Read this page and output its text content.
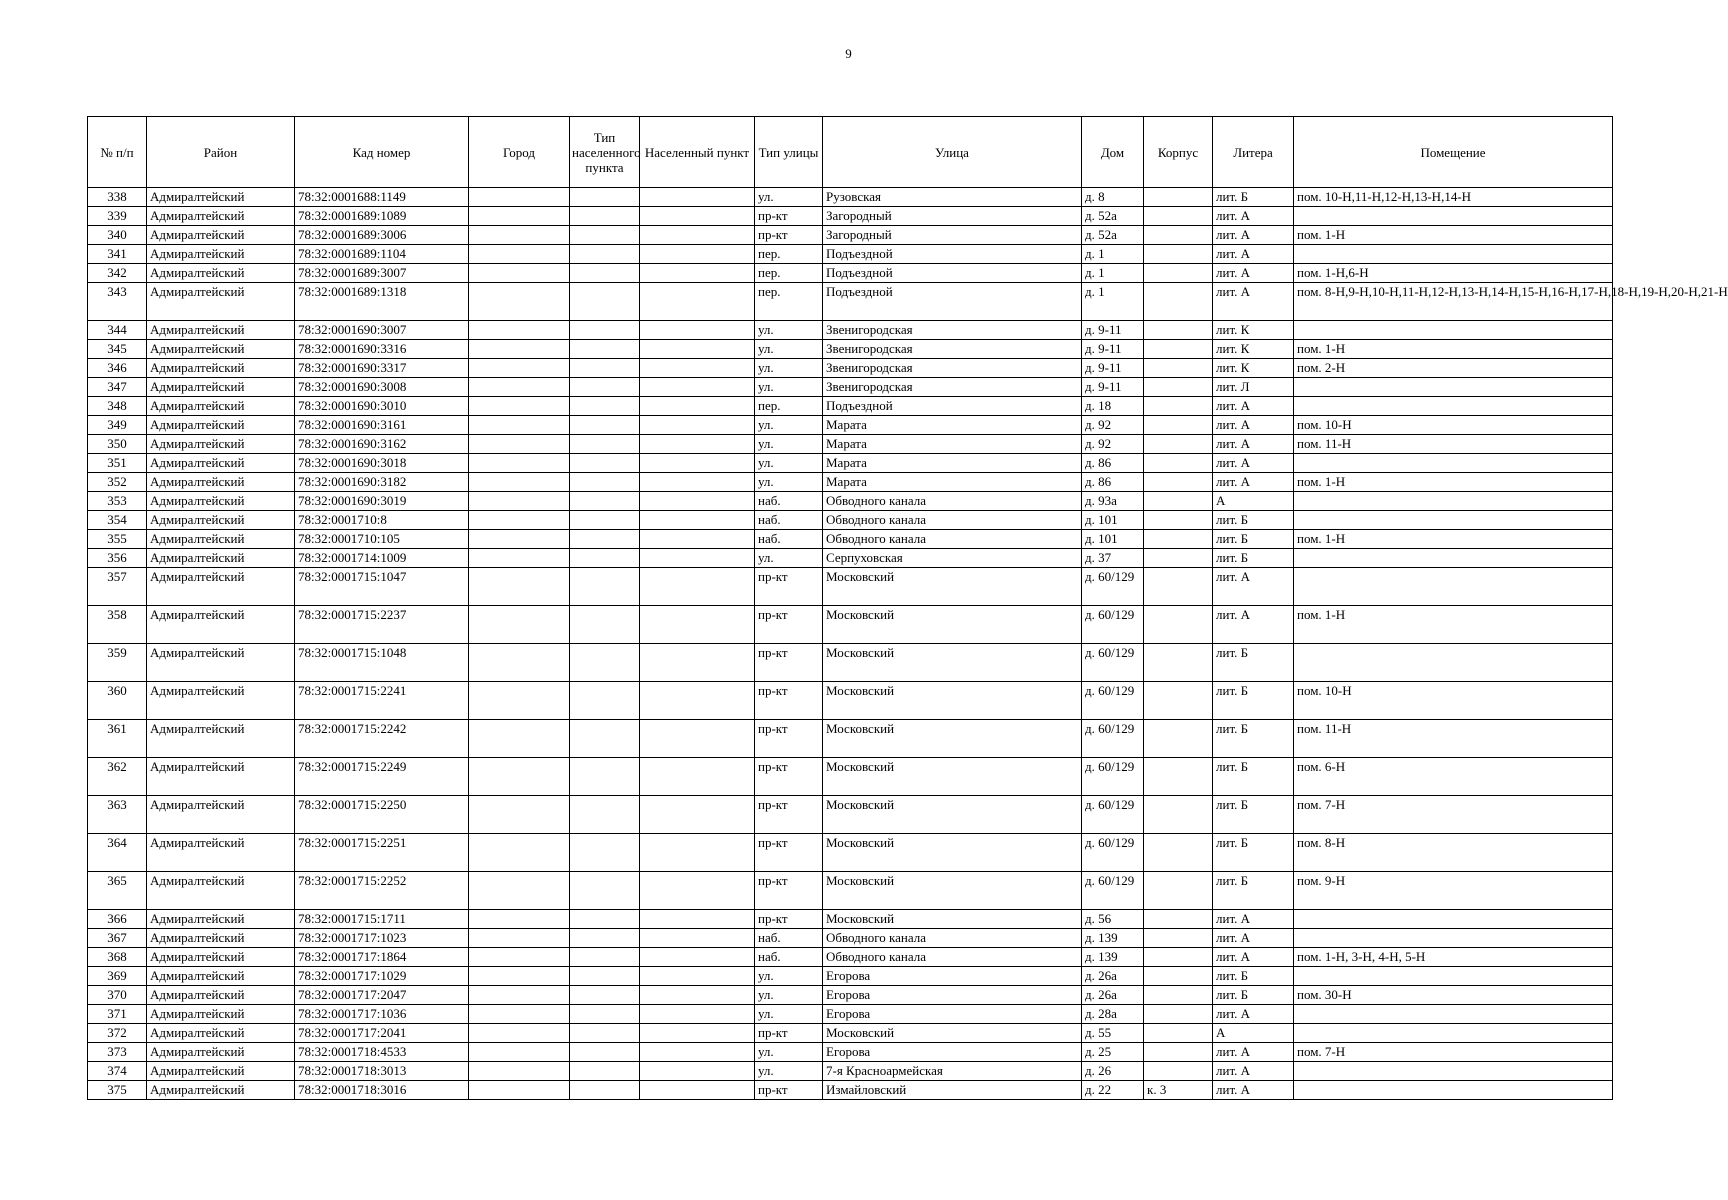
9
№ п/п	Район	Кад номер	Город	Тип населенного пункта	Населенный пункт	Тип улицы	Улица	Дом	Корпус	Литера	Помещение
338	Адмиралтейский	78:32:0001688:1149				ул.	Рузовская	д. 8		лит. Б	пом. 10-Н,11-Н,12-Н,13-Н,14-Н
339	Адмиралтейский	78:32:0001689:1089				пр-кт	Загородный	д. 52а		лит. А	
340	Адмиралтейский	78:32:0001689:3006				пр-кт	Загородный	д. 52а		лит. А	пом. 1-Н
341	Адмиралтейский	78:32:0001689:1104				пер.	Подъездной	д. 1		лит. А	
342	Адмиралтейский	78:32:0001689:3007				пер.	Подъездной	д. 1		лит. А	пом. 1-Н,6-Н
343	Адмиралтейский	78:32:0001689:1318				пер.	Подъездной	д. 1		лит. А	пом. 8-Н,9-Н,10-Н,11-Н,12-Н,13-Н,14-Н,15-Н,16-Н,17-Н,18-Н,19-Н,20-Н,21-Н
344	Адмиралтейский	78:32:0001690:3007				ул.	Звенигородская	д. 9-11		лит. К	
345	Адмиралтейский	78:32:0001690:3316				ул.	Звенигородская	д. 9-11		лит. К	пом. 1-Н
346	Адмиралтейский	78:32:0001690:3317				ул.	Звенигородская	д. 9-11		лит. К	пом. 2-Н
347	Адмиралтейский	78:32:0001690:3008				ул.	Звенигородская	д. 9-11		лит. Л	
348	Адмиралтейский	78:32:0001690:3010				пер.	Подъездной	д. 18		лит. А	
349	Адмиралтейский	78:32:0001690:3161				ул.	Марата	д. 92		лит. А	пом. 10-Н
350	Адмиралтейский	78:32:0001690:3162				ул.	Марата	д. 92		лит. А	пом. 11-Н
351	Адмиралтейский	78:32:0001690:3018				ул.	Марата	д. 86		лит. А	
352	Адмиралтейский	78:32:0001690:3182				ул.	Марата	д. 86		лит. А	пом. 1-Н
353	Адмиралтейский	78:32:0001690:3019				наб.	Обводного канала	д. 93а		А	
354	Адмиралтейский	78:32:0001710:8				наб.	Обводного канала	д. 101		лит. Б	
355	Адмиралтейский	78:32:0001710:105				наб.	Обводного канала	д. 101		лит. Б	пом. 1-Н
356	Адмиралтейский	78:32:0001714:1009				ул.	Серпуховская	д. 37		лит. Б	
357	Адмиралтейский	78:32:0001715:1047				пр-кт	Московский	д. 60/129		лит. А	
358	Адмиралтейский	78:32:0001715:2237				пр-кт	Московский	д. 60/129		лит. А	пом. 1-Н
359	Адмиралтейский	78:32:0001715:1048				пр-кт	Московский	д. 60/129		лит. Б	
360	Адмиралтейский	78:32:0001715:2241				пр-кт	Московский	д. 60/129		лит. Б	пом. 10-Н
361	Адмиралтейский	78:32:0001715:2242				пр-кт	Московский	д. 60/129		лит. Б	пом. 11-Н
362	Адмиралтейский	78:32:0001715:2249				пр-кт	Московский	д. 60/129		лит. Б	пом. 6-Н
363	Адмиралтейский	78:32:0001715:2250				пр-кт	Московский	д. 60/129		лит. Б	пом. 7-Н
364	Адмиралтейский	78:32:0001715:2251				пр-кт	Московский	д. 60/129		лит. Б	пом. 8-Н
365	Адмиралтейский	78:32:0001715:2252				пр-кт	Московский	д. 60/129		лит. Б	пом. 9-Н
366	Адмиралтейский	78:32:0001715:1711				пр-кт	Московский	д. 56		лит. А	
367	Адмиралтейский	78:32:0001717:1023				наб.	Обводного канала	д. 139		лит. А	
368	Адмиралтейский	78:32:0001717:1864				наб.	Обводного канала	д. 139		лит. А	пом. 1-Н, 3-Н, 4-Н, 5-Н
369	Адмиралтейский	78:32:0001717:1029				ул.	Егорова	д. 26а		лит. Б	
370	Адмиралтейский	78:32:0001717:2047				ул.	Егорова	д. 26а		лит. Б	пом. 30-Н
371	Адмиралтейский	78:32:0001717:1036				ул.	Егорова	д. 28а		лит. А	
372	Адмиралтейский	78:32:0001717:2041				пр-кт	Московский	д. 55		А	
373	Адмиралтейский	78:32:0001718:4533				ул.	Егорова	д. 25		лит. А	пом. 7-Н
374	Адмиралтейский	78:32:0001718:3013				ул.	7-я Красноармейская	д. 26		лит. А	
375	Адмиралтейский	78:32:0001718:3016				пр-кт	Измайловский	д. 22	к. 3	лит. А	
